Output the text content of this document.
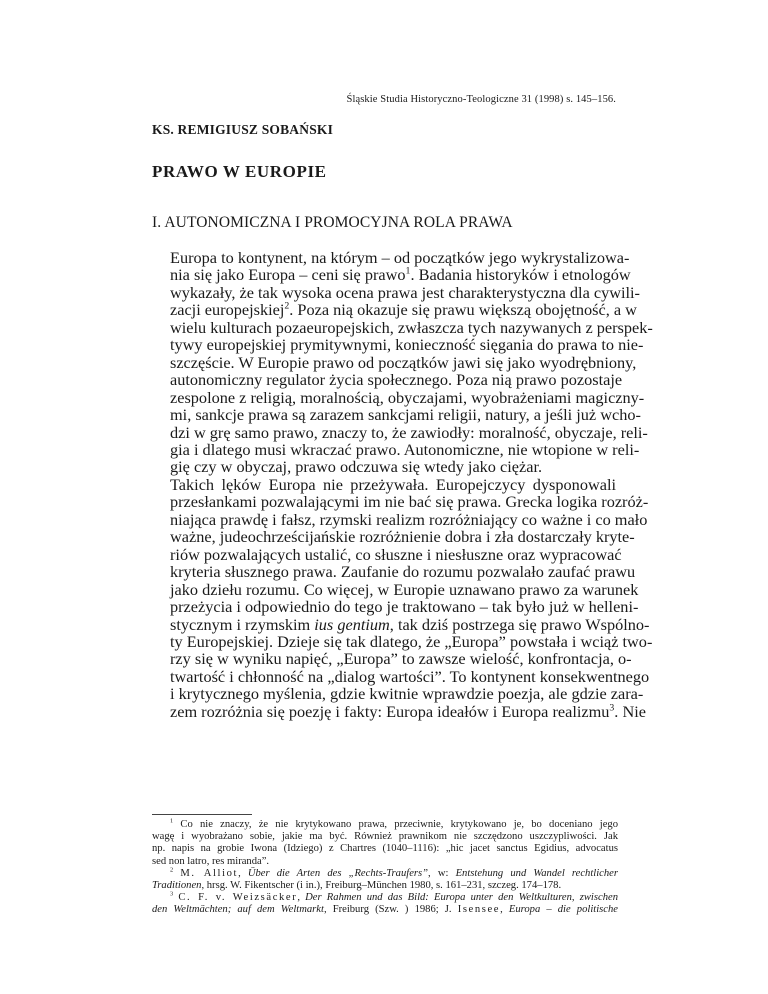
Śląskie Studia Historyczno-Teologiczne 31 (1998) s. 145–156.
KS. REMIGIUSZ SOBAŃSKI
PRAWO W EUROPIE
I. AUTONOMICZNA I PROMOCYJNA ROLA PRAWA

Europa to kontynent, na którym – od początków jego wykrystalizowa-
nia się jako Europa – ceni się prawo$^1$. Badania historyków i etnologów
wykazały, że tak wysoka ocena prawa jest charakterystyczna dla cywili-
zacji europejskiej$^2$. Poza nią okazuje się prawu większą obojętność, a w
wielu kulturach pozaeuropejskich, zwłaszcza tych nazywanych z perspek-
tywy europejskiej prymitywnymi, konieczność sięgania do prawa to nie-
szczęście. W Europie prawo od początków jawi się jako wyodrębniony,
autonomiczny regulator życia społecznego. Poza nią prawo pozostaje
zespolone z religią, moralnością, obyczajami, wyobrażeniami magiczny-
mi, sankcje prawa są zarazem sankcjami religii, natury, a jeśli już wcho-
dzi w grę samo prawo, znaczy to, że zawiodły: moralność, obyczaje, reli-
gia i dlatego musi wkraczać prawo. Autonomiczne, nie wtopione w reli-
gię czy w obyczaj, prawo odczuwa się wtedy jako ciężar.

Takich lęków Europa nie przeżywała. Europejczycy dysponowali
przesłankami pozwalającymi im nie bać się prawa. Grecka logika rozróż-
niająca prawdę i fałsz, rzymski realizm rozróżniający co ważne i co mało
ważne, judeochrześcijańskie rozróżnienie dobra i zła dostarczały kryte-
riów pozwalających ustalić, co słuszne i niesłuszne oraz wypracować
kryteria słusznego prawa. Zaufanie do rozumu pozwalało zaufać prawu
jako dziełu rozumu. Co więcej, w Europie uznawano prawo za warunek
przeżycia i odpowiednio do tego je traktowano – tak było już w helleni-
stycznym i rzymskim ius gentium, tak dziś postrzega się prawo Wspólno-
ty Europejskiej. Dzieje się tak dlatego, że „Europa” powstała i wciąż two-
rzy się w wyniku napięć, „Europa” to zawsze wielość, konfrontacja, o-
twartość i chłonność na „dialog wartości”. To kontynent konsekwentnego
i krytycznego myślenia, gdzie kwitnie wprawdzie poezja, ale gdzie zara-
zem rozróżnia się poezję i fakty: Europa ideałów i Europa realizmu$^3$. Nie

$^1$ Co nie znaczy, że nie krytykowano prawa, przeciwnie, krytykowano je, bo doceniano jego
wagę i wyobrażano sobie, jakie ma być. Również prawnikom nie szczędzono uszczypliwości. Jak
np. napis na grobie Iwona (Idziego) z Chartres (1040–1116): „hic jacet sanctus Egidius, advocatus
sed non latro, res miranda”.
$^2$ M. Alliot, Über die Arten des „Rechts-Traufers”, w: Entstehung und Wandel rechtlicher
Traditionen, hrsg. W. Fikentscher (i in.), Freiburg–München 1980, s. 161–231, szczeg. 174–178.
$^3$ C. F. v. Weizsäcker, Der Rahmen und das Bild: Europa unter den Weltkulturen, zwischen
den Weltmächten; auf dem Weltmarkt, Freiburg (Szw. ) 1986; J. Isensee, Europa – die politische
